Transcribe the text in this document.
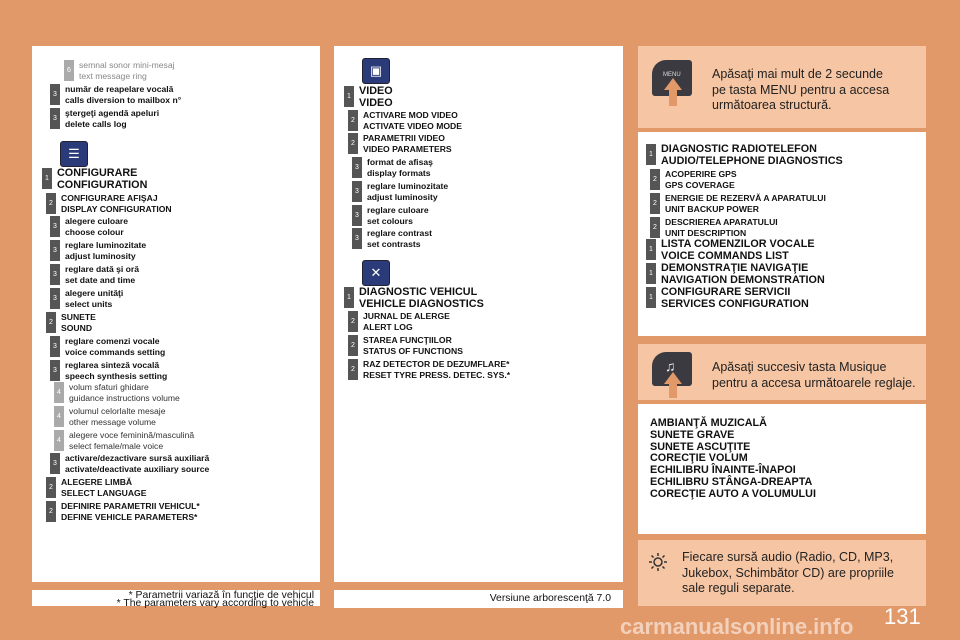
6
semnal sonor mini-mesaj
text message ring
3
număr de reapelare vocală
calls diversion to mailbox n°
3
ştergeţi agendă apeluri
delete calls log
1 CONFIGURARE
CONFIGURATION
2
CONFIGURARE AFIŞAJ
DISPLAY CONFIGURATION
3
alegere culoare
choose colour
3
reglare luminozitate
adjust luminosity
3
reglare dată şi oră
set date and time
3
alegere unităţi
select units
2
SUNETE
SOUND
3
reglare comenzi vocale
voice commands setting
3
reglarea sinteză vocală
speech synthesis setting
4
volum sfaturi ghidare
guidance instructions volume
4
volumul celorlalte mesaje
other message volume
4
alegere voce feminină/masculină
select female/male voice
3
activare/dezactivare sursă auxiliară
activate/deactivate auxiliary source
2
ALEGERE LIMBĂ
SELECT LANGUAGE
2
DEFINIRE PARAMETRII VEHICUL*
DEFINE VEHICLE PARAMETERS*
* Parametrii variază în funcţie de vehicul
* The parameters vary according to vehicle
1 VIDEO
VIDEO
2
ACTIVARE MOD VIDEO
ACTIVATE VIDEO MODE
2
PARAMETRII VIDEO
VIDEO PARAMETERS
3
format de afisaş
display formats
3
reglare luminozitate
adjust luminosity
3
reglare culoare
set colours
3
reglare contrast
set contrasts
1 DIAGNOSTIC VEHICUL
VEHICLE DIAGNOSTICS
2
JURNAL DE ALERGE
ALERT LOG
2
STAREA FUNCŢIILOR
STATUS OF FUNCTIONS
2
RAZ DETECTOR DE DEZUMFLARE*
RESET TYRE PRESS. DETEC. SYS.*
Versiune arborescenţă 7.0
MENU	Apăsaţi mai mult de 2 secunde
pe tasta MENU pentru a accesa
următoarea structură.
1 DIAGNOSTIC RADIOTELEFON
AUDIO/TELEPHONE DIAGNOSTICS
2
ACOPERIRE GPS
GPS COVERAGE
2
ENERGIE DE REZERVĂ A APARATULUI
UNIT BACKUP POWER
2
DESCRIEREA APARATULUI
UNIT DESCRIPTION
1 LISTA COMENZILOR VOCALE
VOICE COMMANDS LIST
1 DEMONSTRAŢIE NAVIGAŢIE
NAVIGATION DEMONSTRATION
1 CONFIGURARE SERVICII
SERVICES CONFIGURATION
♫	Apăsaţi succesiv tasta Musique
pentru a accesa următoarele reglaje.
AMBIANŢĂ MUZICALĂ
SUNETE GRAVE
SUNETE ASCUŢITE
CORECŢIE VOLUM
ECHILIBRU ÎNAINTE-ÎNAPOI
ECHILIBRU STÂNGA-DREAPTA
CORECŢIE AUTO A VOLUMULUI
Fiecare sursă audio (Radio, CD, MP3,
Jukebox, Schimbător CD) are propriile
sale reguli separate.
131
carmanualsonline.info
☰
▣
✕
